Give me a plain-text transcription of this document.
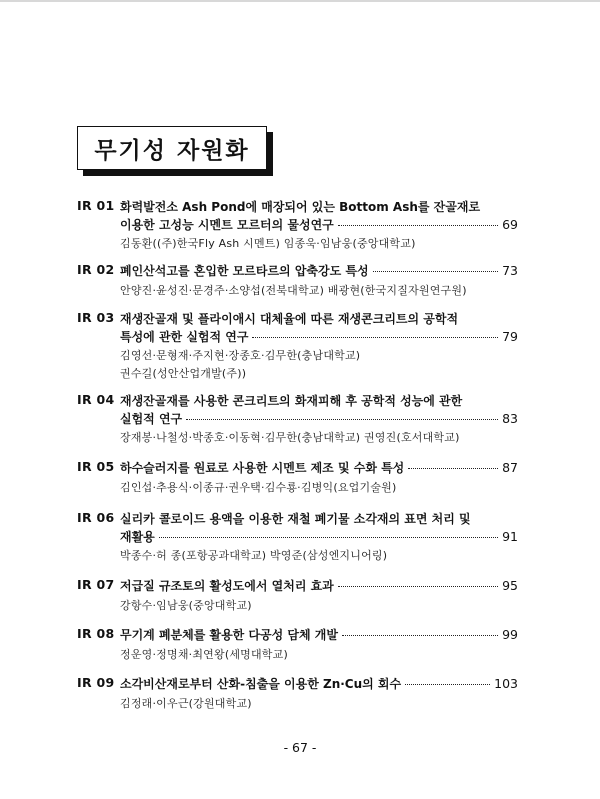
무기성 자원화
IR 01 화력발전소 Ash Pond에 매장되어 있는 Bottom Ash를 잔골재로
이용한 고성능 시멘트 모르터의 물성연구	69
김동환((주)한국Fly Ash 시멘트) 임종욱·임남웅(중앙대학교)
IR 02 폐인산석고를 혼입한 모르타르의 압축강도 특성	73
안양진·윤성진·문경주·소양섭(전북대학교) 배광현(한국지질자원연구원)
IR 03 재생잔골재 및 플라이애시 대체율에 따른 재생콘크리트의 공학적
특성에 관한 실험적 연구	79
김영선·문형재·주지현·장종호·김무한(충남대학교)
권수길(성안산업개발(주))
IR 04 재생잔골재를 사용한 콘크리트의 화재피해 후 공학적 성능에 관한
실험적 연구	83
장재봉·나철성·박종호·이동혁·김무한(충남대학교) 권영진(호서대학교)
IR 05 하수슬러지를 원료로 사용한 시멘트 제조 및 수화 특성	87
김인섭·추용식·이종규·권우택·김수룡·김병익(요업기술원)
IR 06 실리카 콜로이드 용액을 이용한 재철 폐기물 소각재의 표면 처리 및
재활용	91
박종수·허 종(포항공과대학교) 박영준(삼성엔지니어링)
IR 07 저급질 규조토의 활성도에서 열처리 효과	95
강항수·임남웅(중앙대학교)
IR 08 무기계 폐분체를 활용한 다공성 담체 개발	99
정운영·정명채·최연왕(세명대학교)
IR 09 소각비산재로부터 산화-침출을 이용한 Zn·Cu의 회수	103
김정래·이우근(강원대학교)
- 67 -
